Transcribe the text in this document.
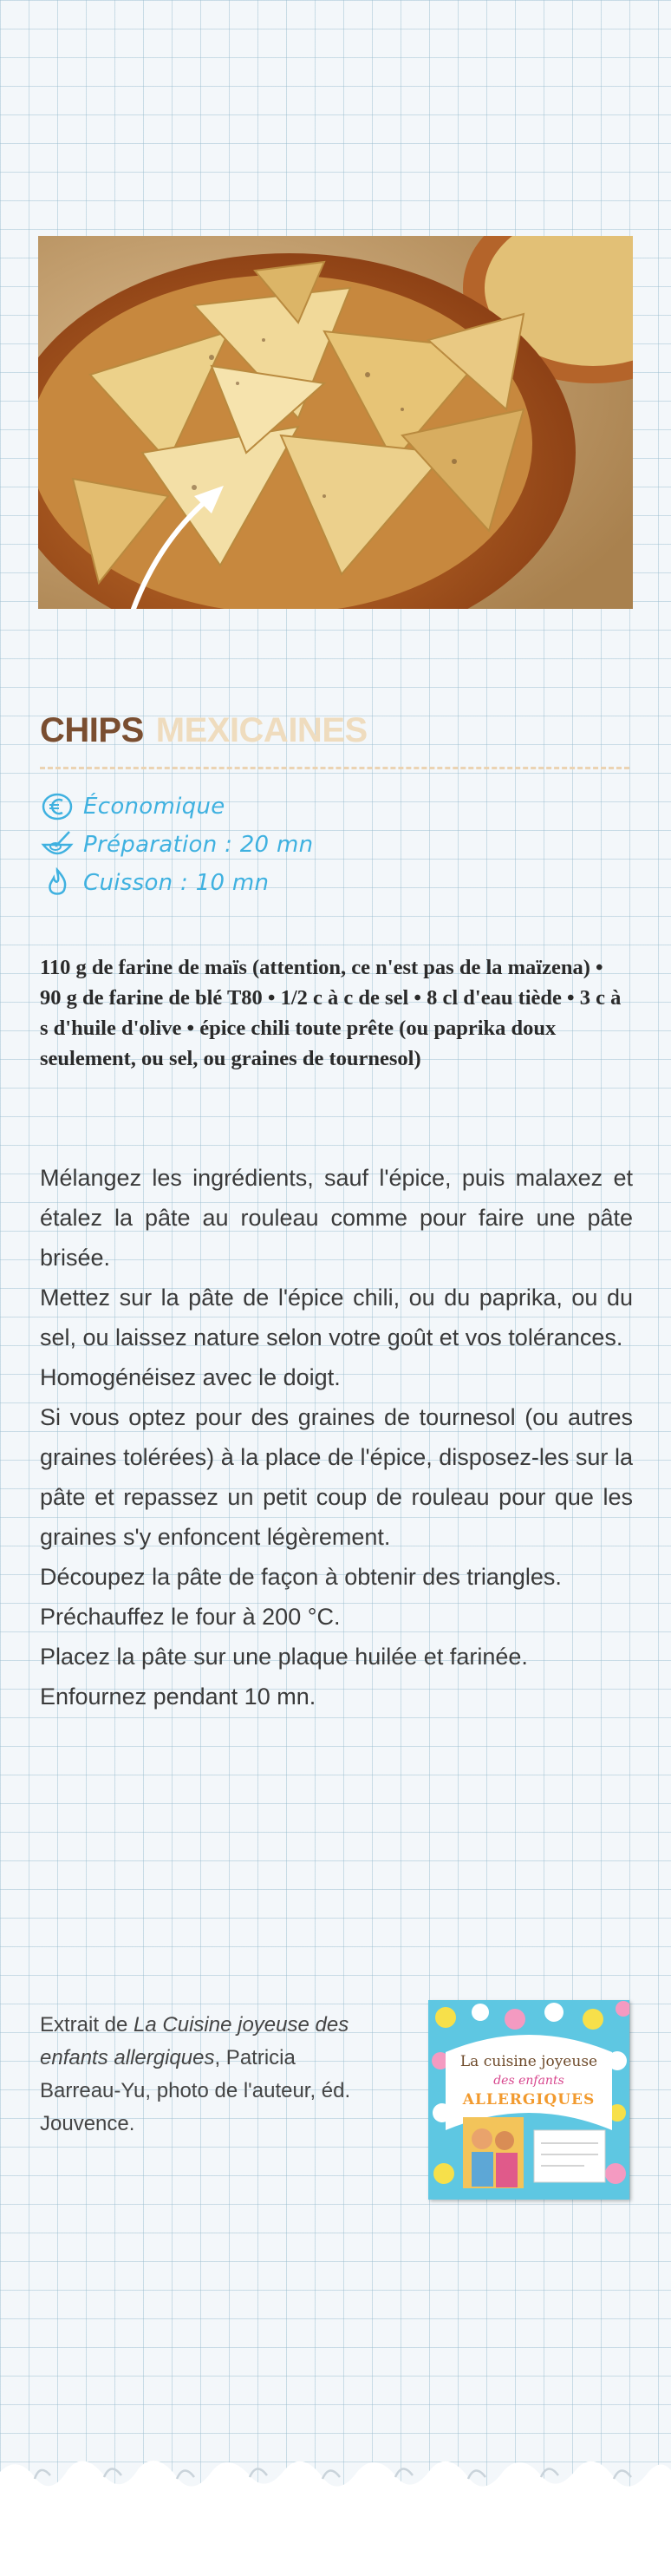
CHIPS MEXICAINES
Économique
Préparation : 20 mn
Cuisson : 10 mn
110 g de farine de maïs (attention, ce n'est pas de la maïzena) • 90 g de farine de blé T80 • 1/2 c à c de sel • 8 cl d'eau tiède • 3 c à s d'huile d'olive • épice chili toute prête (ou paprika doux seulement, ou sel, ou graines de tournesol)

Mélangez les ingrédients, sauf l'épice, puis malaxez et étalez la pâte au rouleau comme pour faire une pâte brisée.

Mettez sur la pâte de l'épice chili, ou du paprika, ou du sel, ou laissez nature selon votre goût et vos tolérances.

Homogénéisez avec le doigt.

Si vous optez pour des graines de tournesol (ou autres graines tolérées) à la place de l'épice, disposez-les sur la pâte et repassez un petit coup de rouleau pour que les graines s'y enfoncent légèrement.

Découpez la pâte de façon à obtenir des triangles.

Préchauffez le four à 200 °C.

Placez la pâte sur une plaque huilée et farinée.

Enfournez pendant 10 mn.

Extrait de La Cuisine joyeuse des enfants allergiques, Patricia Barreau-Yu, photo de l'auteur, éd. Jouvence.
La cuisine joyeuse
des enfants
ALLERGIQUES
